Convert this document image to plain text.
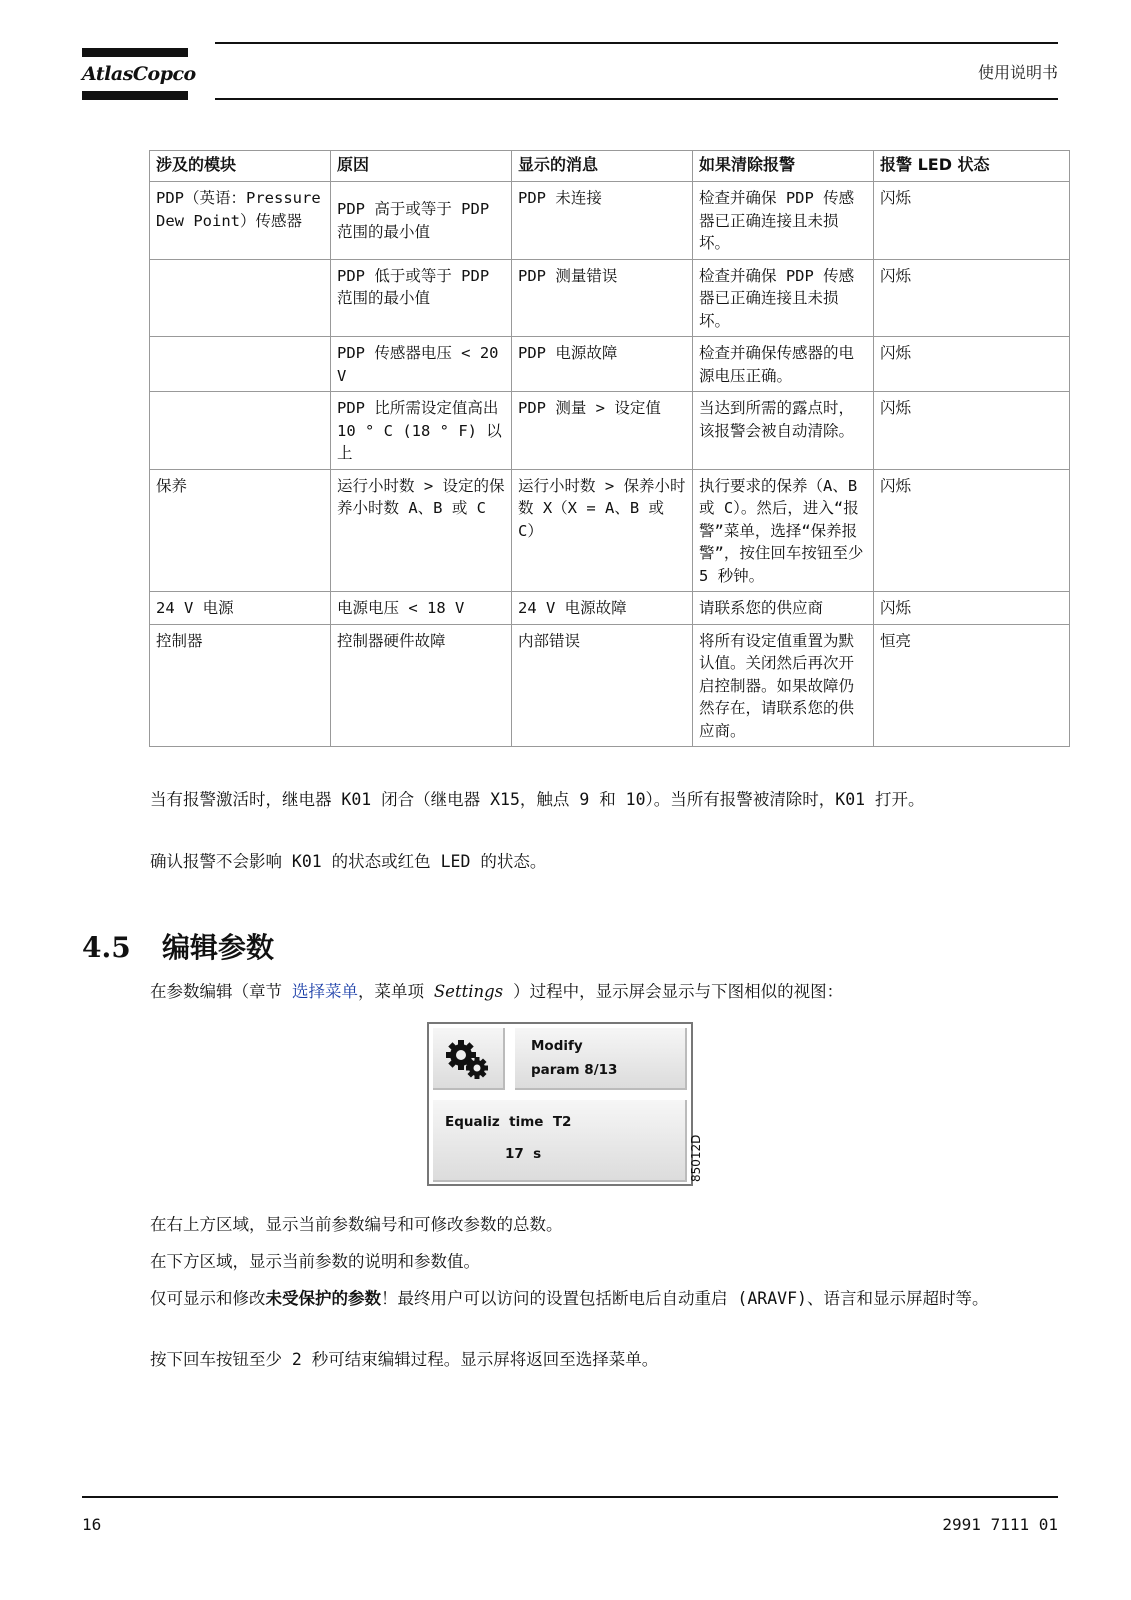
AtlasCopco	使用说明书
涉及的模块	原因	显示的消息	如果清除报警	报警 LED 状态
PDP（英语：Pressure Dew Point）传感器	PDP 高于或等于 PDP 范围的最小值	PDP 未连接	检查并确保 PDP 传感器已正确连接且未损坏。	闪烁
	PDP 低于或等于 PDP 范围的最小值	PDP 测量错误	检查并确保 PDP 传感器已正确连接且未损坏。	闪烁
	PDP 传感器电压 < 20 V	PDP 电源故障	检查并确保传感器的电源电压正确。	闪烁
	PDP 比所需设定值高出 10 ° C (18 ° F) 以上	PDP 测量 > 设定值	当达到所需的露点时，该报警会被自动清除。	闪烁
保养	运行小时数 > 设定的保养小时数 A、B 或 C	运行小时数 > 保养小时数 X（X = A、B 或 C）	执行要求的保养（A、B 或 C）。然后，进入“报警”菜单，选择“保养报警”，按住回车按钮至少 5 秒钟。	闪烁
24 V 电源	电源电压 < 18 V	24 V 电源故障	请联系您的供应商	闪烁
控制器	控制器硬件故障	内部错误	将所有设定值重置为默认值。关闭然后再次开启控制器。如果故障仍然存在，请联系您的供应商。	恒亮

当有报警激活时，继电器 K01 闭合（继电器 X15，触点 9 和 10）。当所有报警被清除时，K01 打开。

确认报警不会影响 K01 的状态或红色 LED 的状态。

4.5 编辑参数

在参数编辑（章节 选择菜单，菜单项 Settings ）过程中，显示屏会显示与下图相似的视图：

Modify
param 8/13
Equaliz  time  T2
17  s	85012D

在右上方区域，显示当前参数编号和可修改参数的总数。

在下方区域，显示当前参数的说明和参数值。

仅可显示和修改未受保护的参数！最终用户可以访问的设置包括断电后自动重启 (ARAVF)、语言和显示屏超时等。

按下回车按钮至少 2 秒可结束编辑过程。显示屏将返回至选择菜单。

16	2991 7111 01
